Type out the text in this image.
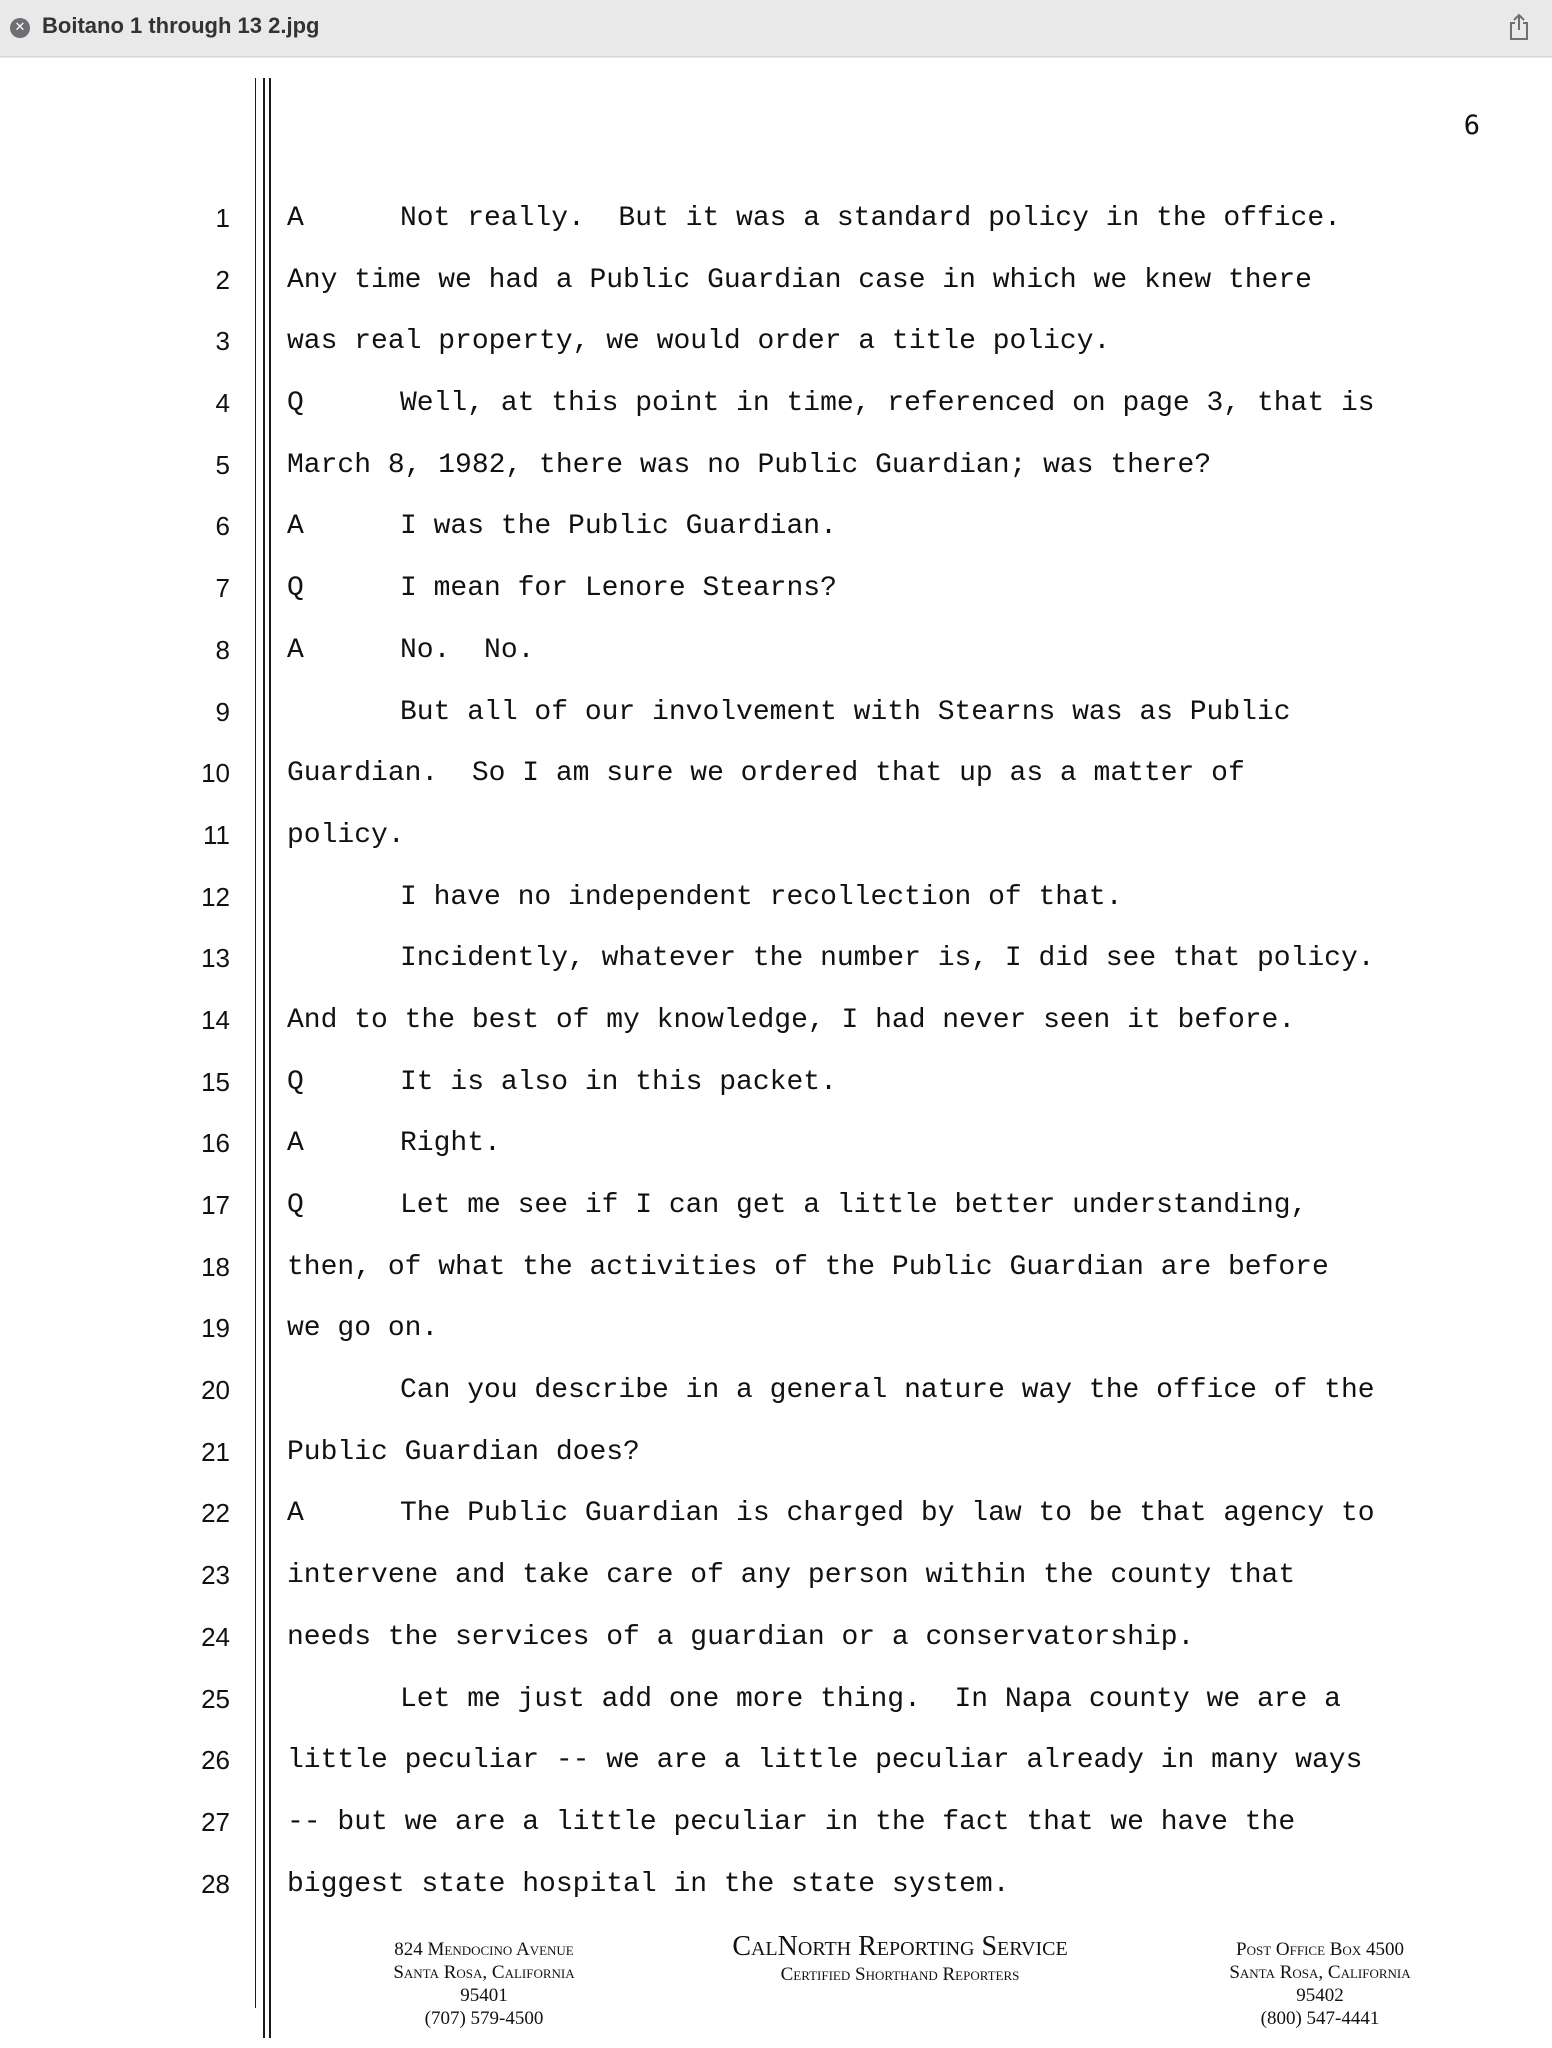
✕ Boitano 1 through 13 2.jpg
6
1
2
3
4
5
6
7
8
9
10
11
12
13
14
15
16
17
18
19
20
21
22
23
24
25
26
27
28
A	Not really.  But it was a standard policy in the office.
Any time we had a Public Guardian case in which we knew there
was real property, we would order a title policy.
Q	Well, at this point in time, referenced on page 3, that is
March 8, 1982, there was no Public Guardian; was there?
A	I was the Public Guardian.
Q	I mean for Lenore Stearns?
A	No.  No.
But all of our involvement with Stearns was as Public
Guardian.  So I am sure we ordered that up as a matter of
policy.
I have no independent recollection of that.
Incidently, whatever the number is, I did see that policy.
And to the best of my knowledge, I had never seen it before.
Q	It is also in this packet.
A	Right.
Q	Let me see if I can get a little better understanding,
then, of what the activities of the Public Guardian are before
we go on.
Can you describe in a general nature way the office of the
Public Guardian does?
A	The Public Guardian is charged by law to be that agency to
intervene and take care of any person within the county that
needs the services of a guardian or a conservatorship.
Let me just add one more thing.  In Napa county we are a
little peculiar -- we are a little peculiar already in many ways
-- but we are a little peculiar in the fact that we have the
biggest state hospital in the state system.
824 Mendocino Avenue
Santa Rosa, California
95401
(707) 579-4500
CalNorth Reporting Service
Certified Shorthand Reporters
Post Office Box 4500
Santa Rosa, California
95402
(800) 547-4441
